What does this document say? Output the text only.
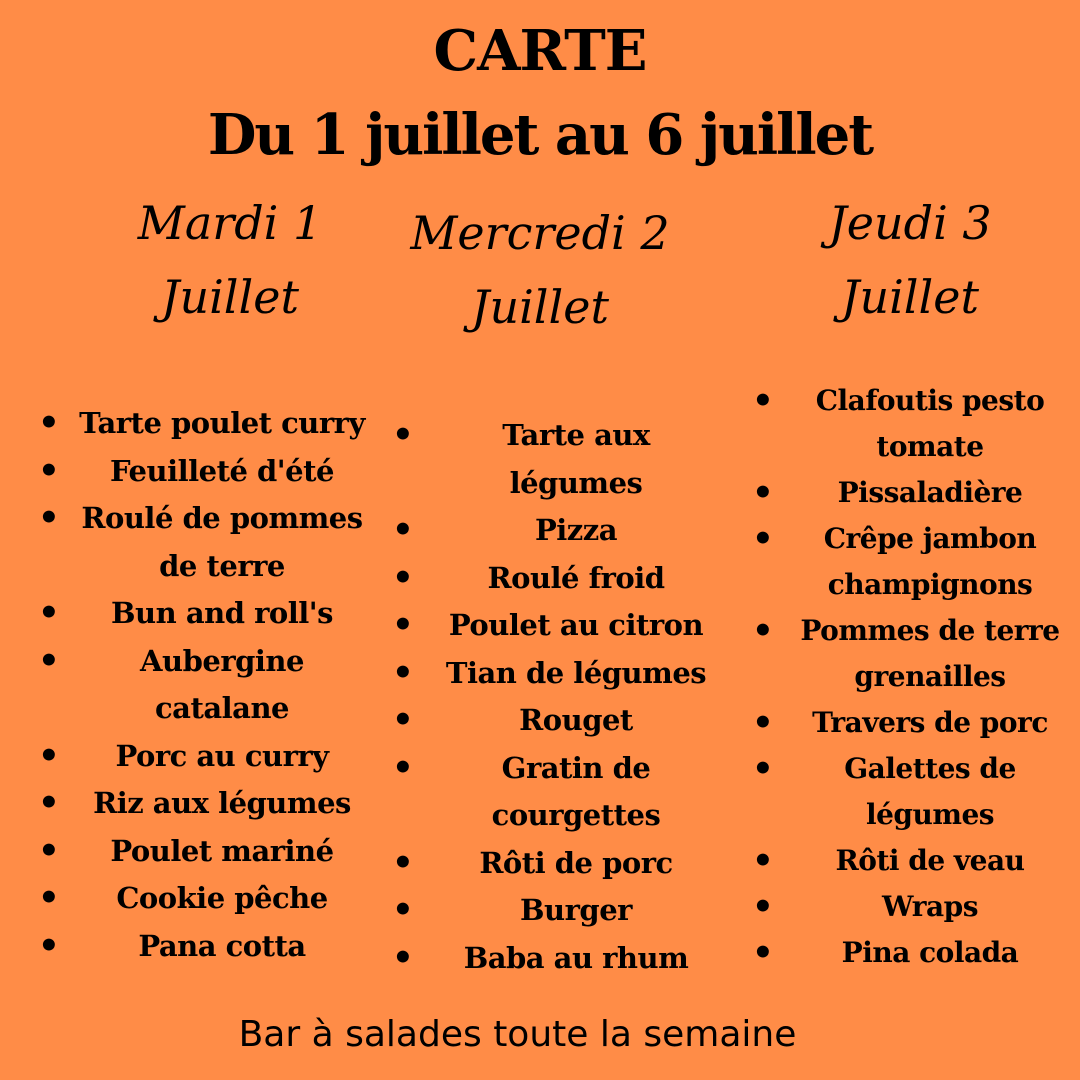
CARTE
Du 1 juillet au 6 juillet
Mardi 1
Juillet
Mercredi 2
Juillet
Jeudi 3
Juillet
• Tarte poulet curry
• Feuilleté d'été
• Roulé de pommes de terre
• Bun and roll's
• Aubergine catalane
• Porc au curry
• Riz aux légumes
• Poulet mariné
• Cookie pêche
• Pana cotta
• Tarte aux légumes
• Pizza
• Roulé froid
• Poulet au citron
• Tian de légumes
• Rouget
• Gratin de courgettes
• Rôti de porc
• Burger
• Baba au rhum
• Clafoutis pesto tomate
• Pissaladière
• Crêpe jambon champignons
• Pommes de terre grenailles
• Travers de porc
• Galettes de légumes
• Rôti de veau
• Wraps
• Pina colada
Bar à salades toute la semaine
